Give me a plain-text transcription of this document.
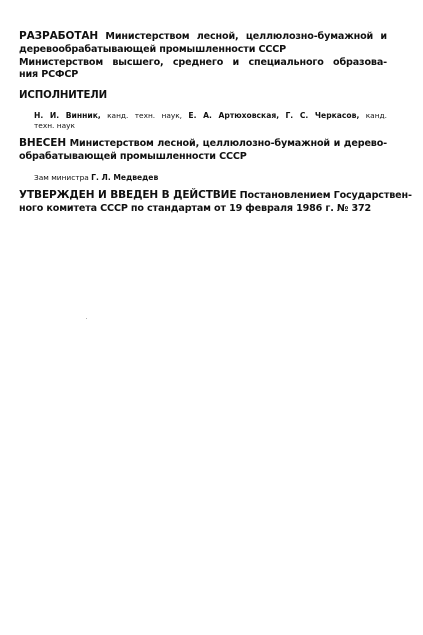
РАЗРАБОТАН Министерством лесной, целлюлозно-бумажной и
деревообрабатывающей промышленности СССР
Министерством высшего, среднего и специального образова-
ния РСФСР
ИСПОЛНИТЕЛИ
Н. И. Винник, канд. техн. наук, Е. А. Артюховская, Г. С. Черкасов, канд.
техн. наук
ВНЕСЕН Министерством лесной, целлюлозно-бумажной и дерево-
обрабатывающей промышленности СССР
Зам министра Г. Л. Медведев
УТВЕРЖДЕН И ВВЕДЕН В ДЕЙСТВИЕ Постановлением Государствен-
ного комитета СССР по стандартам от 19 февраля 1986 г. № 372
